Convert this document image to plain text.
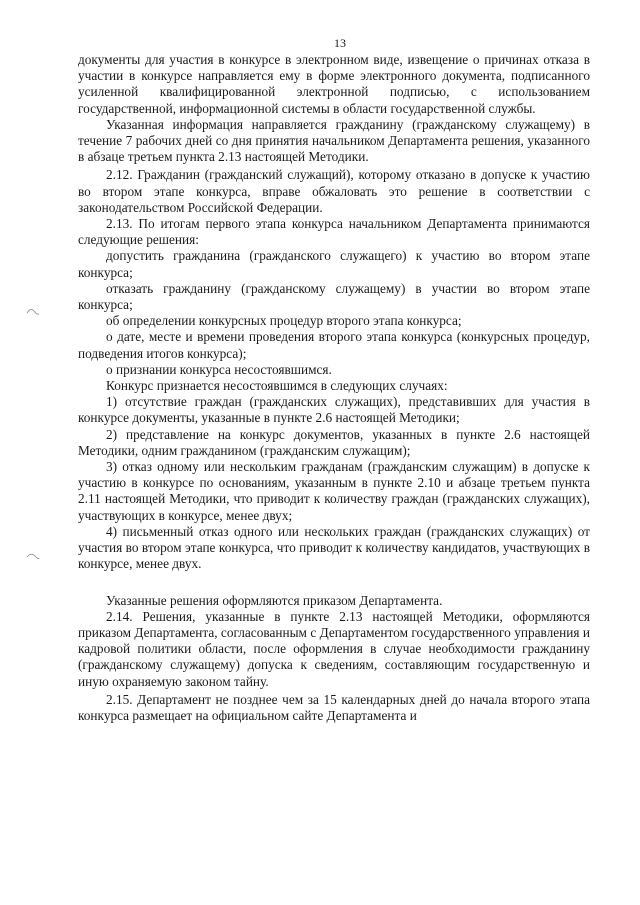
13

документы для участия в конкурсе в электронном виде, извещение о причинах отказа в участии в конкурсе направляется ему в форме электронного документа, подписанного усиленной квалифицированной электронной подписью, с использованием государственной, информационной системы в области государственной службы.

Указанная информация направляется гражданину (гражданскому служащему) в течение 7 рабочих дней со дня принятия начальником Департамента решения, указанного в абзаце третьем пункта 2.13 настоящей Методики.

2.12. Гражданин (гражданский служащий), которому отказано в допуске к участию во втором этапе конкурса, вправе обжаловать это решение в соответствии с законодательством Российской Федерации.

2.13. По итогам первого этапа конкурса начальником Департамента принимаются следующие решения:

допустить гражданина (гражданского служащего) к участию во втором этапе конкурса;

отказать гражданину (гражданскому служащему) в участии во втором этапе конкурса;

об определении конкурсных процедур второго этапа конкурса;

о дате, месте и времени проведения второго этапа конкурса (конкурсных процедур, подведения итогов конкурса);

о признании конкурса несостоявшимся.

Конкурс признается несостоявшимся в следующих случаях:

1) отсутствие граждан (гражданских служащих), представивших для участия в конкурсе документы, указанные в пункте 2.6 настоящей Методики;

2) представление на конкурс документов, указанных в пункте 2.6 настоящей Методики, одним гражданином (гражданским служащим);

3) отказ одному или нескольким гражданам (гражданским служащим) в допуске к участию в конкурсе по основаниям, указанным в пункте 2.10 и абзаце третьем пункта 2.11 настоящей Методики, что приводит к количеству граждан (гражданских служащих), участвующих в конкурсе, менее двух;

4) письменный отказ одного или нескольких граждан (гражданских служащих) от участия во втором этапе конкурса, что приводит к количеству кандидатов, участвующих в конкурсе, менее двух.

Указанные решения оформляются приказом Департамента.

2.14. Решения, указанные в пункте 2.13 настоящей Методики, оформляются приказом Департамента, согласованным с Департаментом государственного управления и кадровой политики области, после оформления в случае необходимости гражданину (гражданскому служащему) допуска к сведениям, составляющим государственную и иную охраняемую законом тайну.

2.15. Департамент не позднее чем за 15 календарных дней до начала второго этапа конкурса размещает на официальном сайте Департамента и
